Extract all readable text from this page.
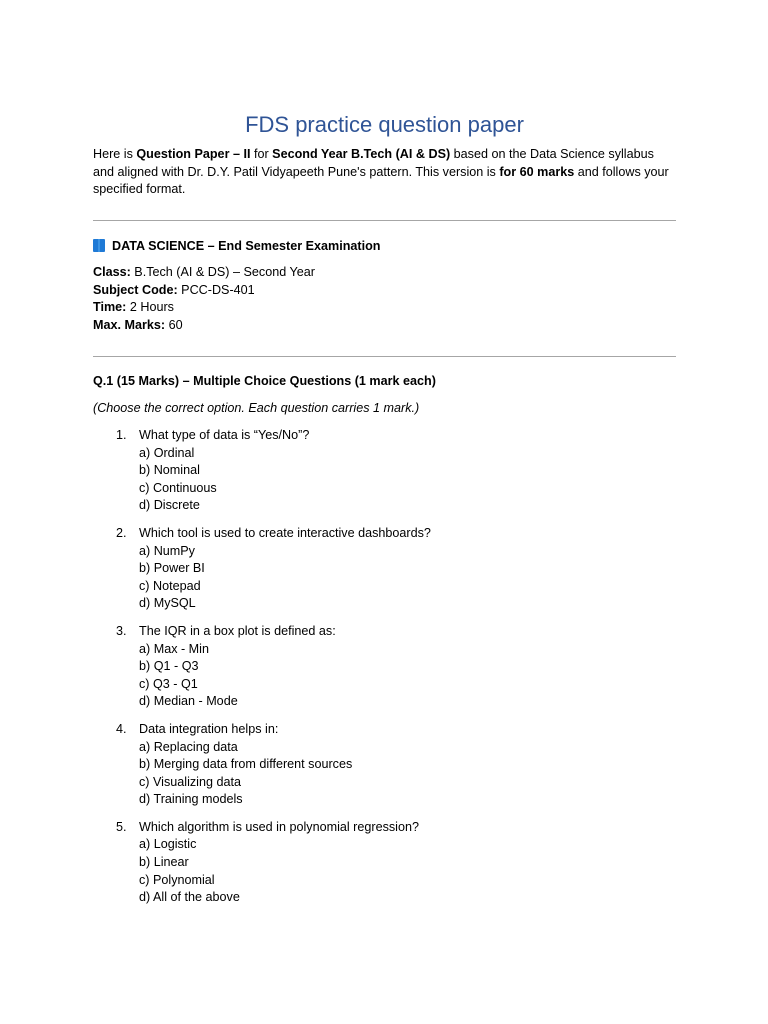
FDS practice question paper
Here is Question Paper – II for Second Year B.Tech (AI & DS) based on the Data Science syllabus and aligned with Dr. D.Y. Patil Vidyapeeth Pune's pattern. This version is for 60 marks and follows your specified format.
DATA SCIENCE – End Semester Examination
Class: B.Tech (AI & DS) – Second Year
Subject Code: PCC-DS-401
Time: 2 Hours
Max. Marks: 60
Q.1 (15 Marks) – Multiple Choice Questions (1 mark each)
(Choose the correct option. Each question carries 1 mark.)
1. What type of data is “Yes/No”?
a) Ordinal
b) Nominal
c) Continuous
d) Discrete
2. Which tool is used to create interactive dashboards?
a) NumPy
b) Power BI
c) Notepad
d) MySQL
3. The IQR in a box plot is defined as:
a) Max - Min
b) Q1 - Q3
c) Q3 - Q1
d) Median - Mode
4. Data integration helps in:
a) Replacing data
b) Merging data from different sources
c) Visualizing data
d) Training models
5. Which algorithm is used in polynomial regression?
a) Logistic
b) Linear
c) Polynomial
d) All of the above
